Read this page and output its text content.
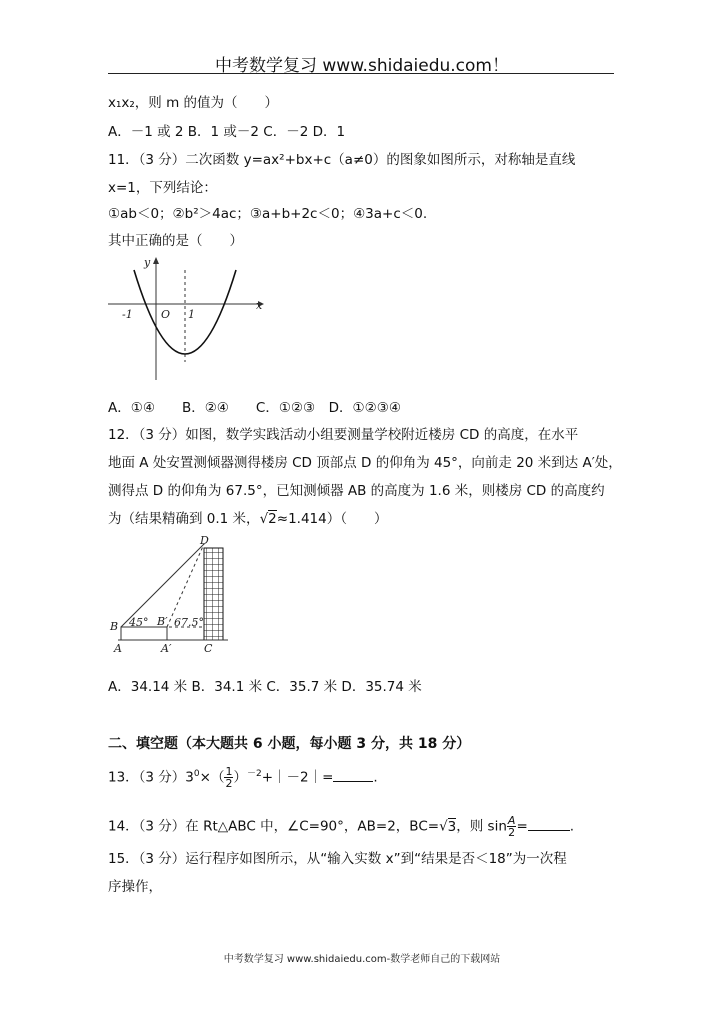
中考数学复习 www.shidaiedu.com！
x₁x₂，则 m 的值为（　　）
A．－1 或 2 B．1 或－2 C．－2 D．1
11．（3 分）二次函数 y=ax²+bx+c（a≠0）的图象如图所示，对称轴是直线
x=1，下列结论：
①ab＜0；②b²＞4ac；③a+b+2c＜0；④3a+c＜0.
其中正确的是（　　）
y
x
O
-1	1
A．①④　　B．②④　　C．①②③　D．①②③④
12．（3 分）如图，数学实践活动小组要测量学校附近楼房 CD 的高度，在水平
地面 A 处安置测倾器测得楼房 CD 顶部点 D 的仰角为 45°，向前走 20 米到达 A′处，
测得点 D 的仰角为 67.5°，已知测倾器 AB 的高度为 1.6 米，则楼房 CD 的高度约
为（结果精确到 0.1 米，√2≈1.414）（　　）
D
B	B′
45° 67.5°
A	A′	C
A．34.14 米 B．34.1 米 C．35.7 米 D．35.74 米
二、填空题（本大题共 6 小题，每小题 3 分，共 18 分）
13．（3 分）$3^0\times( \frac{1}{2}$ ）$^{-2}+|-2|=$	.
14．（3 分）在 Rt△ABC 中，∠C=90°，AB=2，BC=√3，则 $\sin \frac{A}{2}$ =	.
15．（3 分）运行程序如图所示，从“输入实数 x”到“结果是否＜18”为一次程
序操作，
中考数学复习 www.shidaiedu.com-数学老师自己的下载网站
